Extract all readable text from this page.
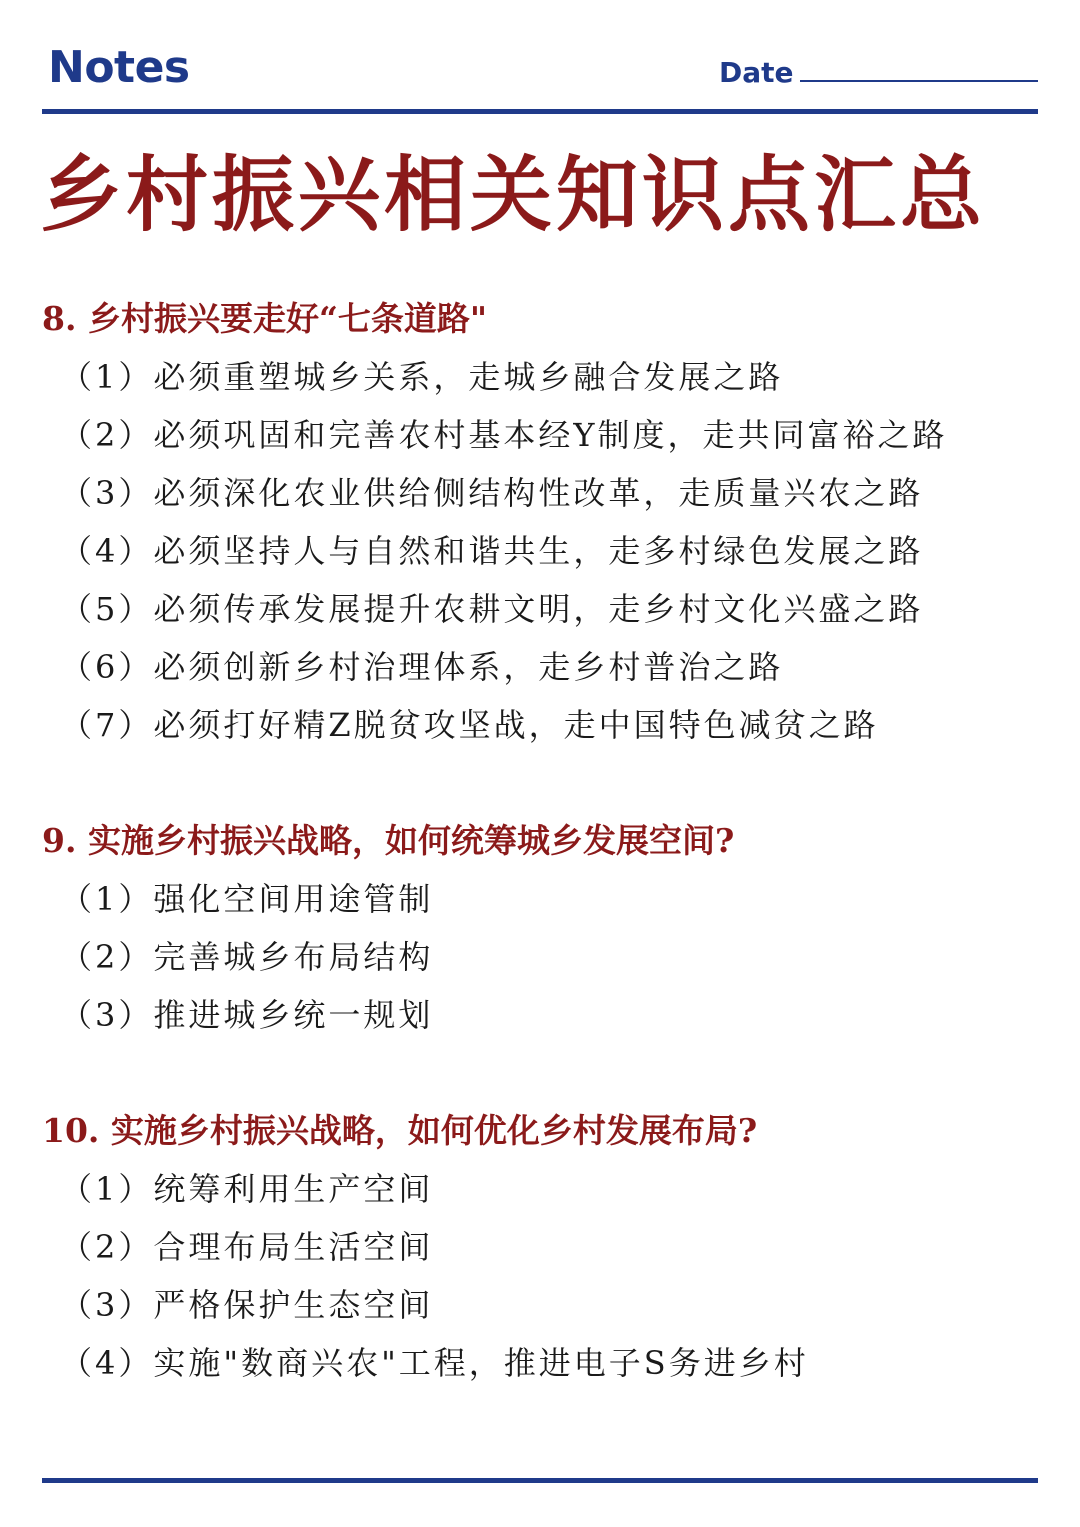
Notes	Date
乡村振兴相关知识点汇总
8. 乡村振兴要走好“七条道路"
（1）必须重塑城乡关系，走城乡融合发展之路
（2）必须巩固和完善农村基本经Y制度，走共同富裕之路
（3）必须深化农业供给侧结构性改革，走质量兴农之路
（4）必须坚持人与自然和谐共生，走多村绿色发展之路
（5）必须传承发展提升农耕文明，走乡村文化兴盛之路
（6）必须创新乡村治理体系，走乡村普治之路
（7）必须打好精Z脱贫攻坚战，走中国特色减贫之路
9. 实施乡村振兴战略，如何统筹城乡发展空间?
（1）强化空间用途管制
（2）完善城乡布局结构
（3）推进城乡统一规划
10. 实施乡村振兴战略，如何优化乡村发展布局?
（1）统筹利用生产空间
（2）合理布局生活空间
（3）严格保护生态空间
（4）实施"数商兴农"工程，推进电子S务进乡村
